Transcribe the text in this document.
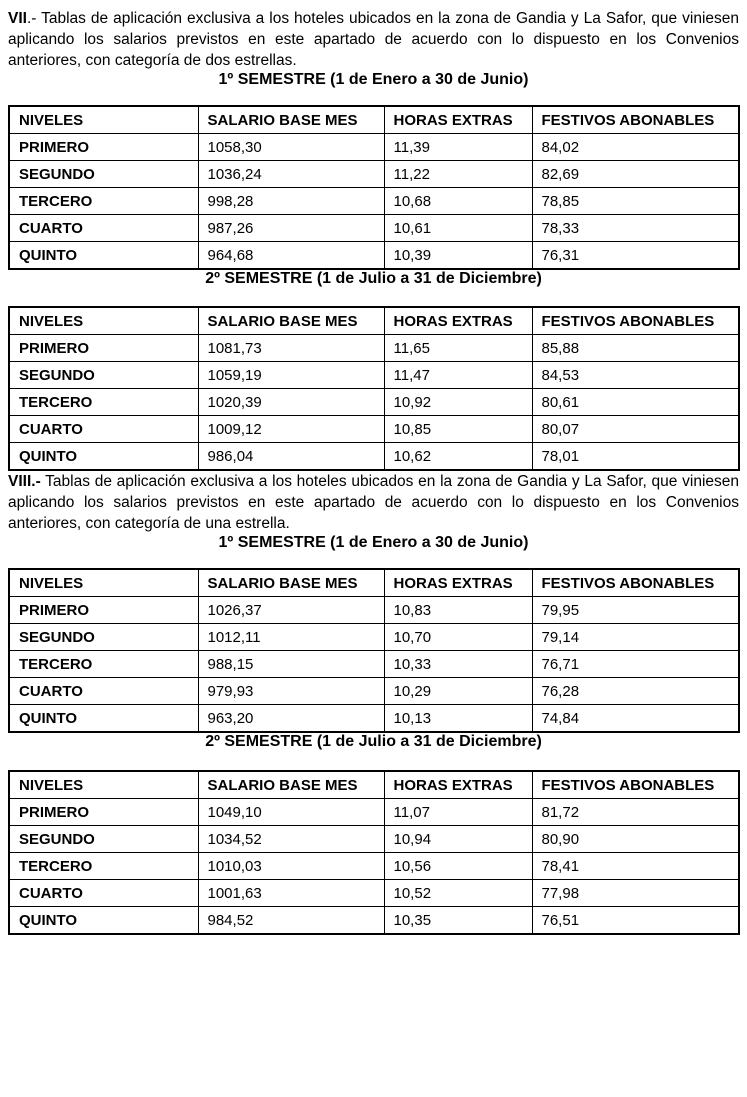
VII.- Tablas de aplicación exclusiva a los hoteles ubicados en la zona de Gandia y La Safor, que viniesen aplicando los salarios previstos en este apartado de acuerdo con lo dispuesto en los Convenios anteriores, con categoría de dos estrellas.

1º SEMESTRE (1 de Enero a 30 de Junio)
NIVELES	SALARIO BASE MES	HORAS EXTRAS	FESTIVOS ABONABLES
PRIMERO	1058,30	11,39	84,02
SEGUNDO	1036,24	11,22	82,69
TERCERO	998,28	10,68	78,85
CUARTO	987,26	10,61	78,33
QUINTO	964,68	10,39	76,31
2º SEMESTRE (1 de Julio a 31 de Diciembre)
NIVELES	SALARIO BASE MES	HORAS EXTRAS	FESTIVOS ABONABLES
PRIMERO	1081,73	11,65	85,88
SEGUNDO	1059,19	11,47	84,53
TERCERO	1020,39	10,92	80,61
CUARTO	1009,12	10,85	80,07
QUINTO	986,04	10,62	78,01

VIII.- Tablas de aplicación exclusiva a los hoteles ubicados en la zona de Gandia y La Safor, que viniesen aplicando los salarios previstos en este apartado de acuerdo con lo dispuesto en los Convenios anteriores, con categoría de una estrella.

1º SEMESTRE (1 de Enero a 30 de Junio)
NIVELES	SALARIO BASE MES	HORAS EXTRAS	FESTIVOS ABONABLES
PRIMERO	1026,37	10,83	79,95
SEGUNDO	1012,11	10,70	79,14
TERCERO	988,15	10,33	76,71
CUARTO	979,93	10,29	76,28
QUINTO	963,20	10,13	74,84
2º SEMESTRE (1 de Julio a 31 de Diciembre)
NIVELES	SALARIO BASE MES	HORAS EXTRAS	FESTIVOS ABONABLES
PRIMERO	1049,10	11,07	81,72
SEGUNDO	1034,52	10,94	80,90
TERCERO	1010,03	10,56	78,41
CUARTO	1001,63	10,52	77,98
QUINTO	984,52	10,35	76,51
